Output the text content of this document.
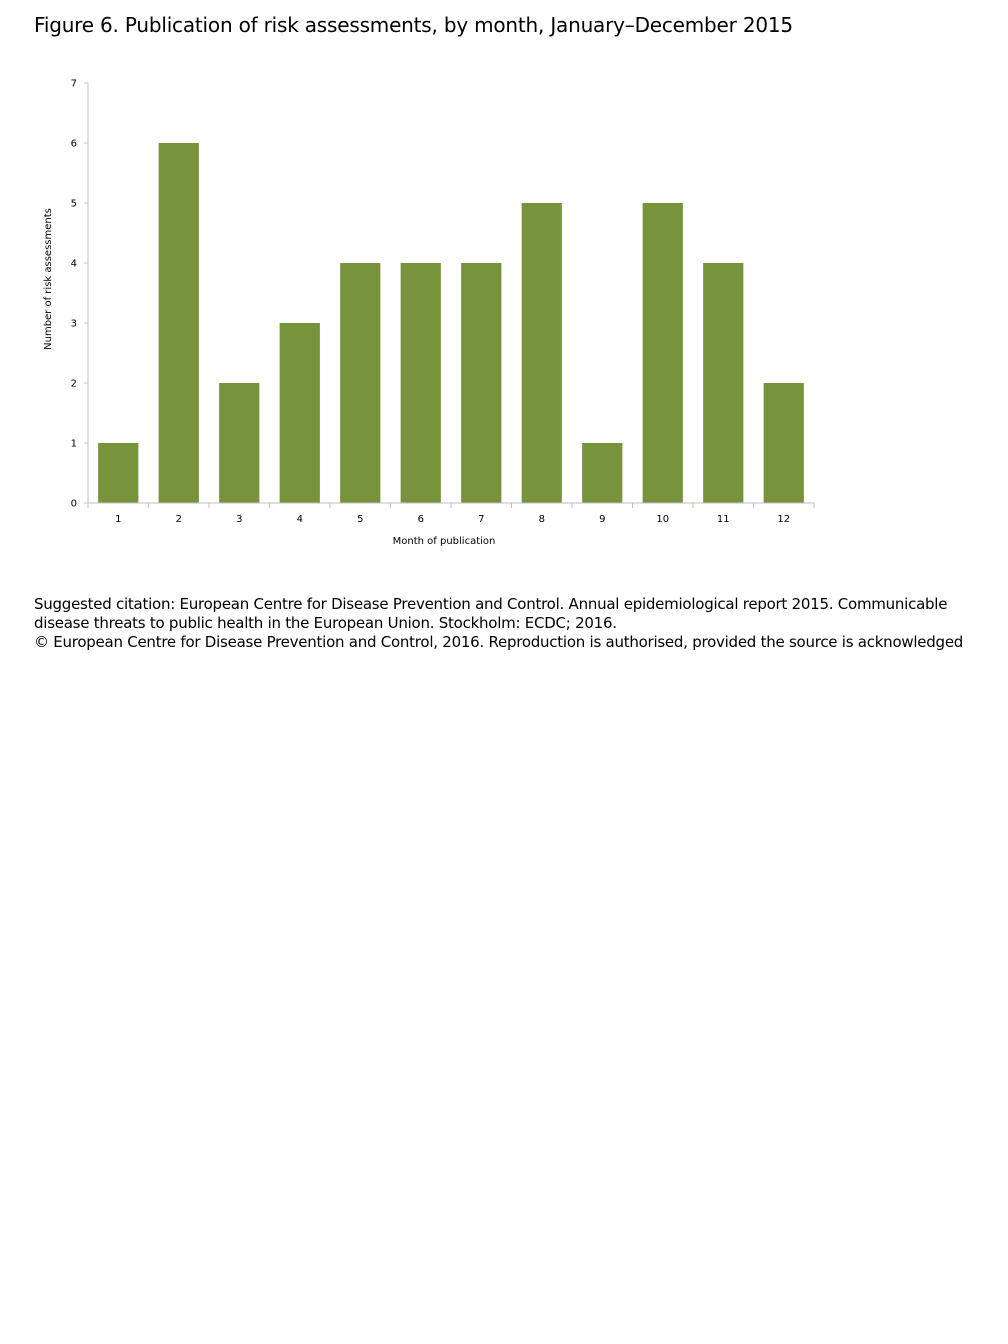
Figure 6. Publication of risk assessments, by month, January–December 2015
0
1
2
3
4
5
6
7
1	2	3	4	5	6	7	8	9	10	11	12
Number of risk assessments
Month of publication
Suggested citation: European Centre for Disease Prevention and Control. Annual epidemiological report 2015. Communicable
disease threats to public health in the European Union. Stockholm: ECDC; 2016.
© European Centre for Disease Prevention and Control, 2016. Reproduction is authorised, provided the source is acknowledged
